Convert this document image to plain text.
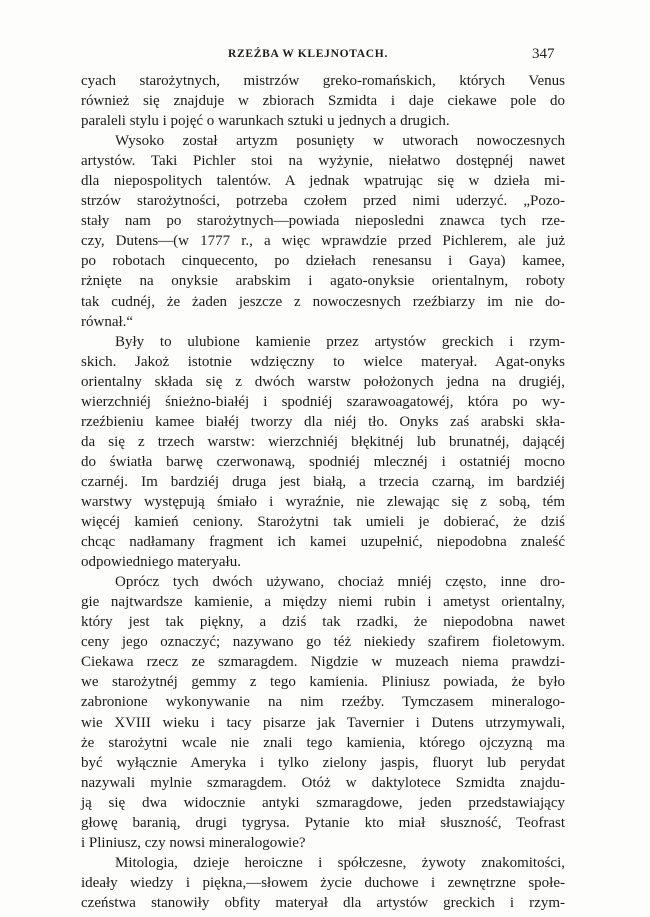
RZEŹBA W KLEJNOTACH.	347

cyach starożytnych, mistrzów greko-romańskich, których Venus
również się znajduje w zbiorach Szmidta i daje ciekawe pole do
paraleli stylu i pojęć o warunkach sztuki u jednych a drugich.

Wysoko został artyzm posunięty w utworach nowoczesnych
artystów. Taki Pichler stoi na wyżynie, niełatwo dostępnéj nawet
dla niepospolitych talentów. A jednak wpatrując się w dzieła mi-
strzów starożytności, potrzeba czołem przed nimi uderzyć. „Pozo-
stały nam po starożytnych—powiada nieposledni znawca tych rze-
czy, Dutens—(w 1777 r., a więc wprawdzie przed Pichlerem, ale już
po robotach cinquecento, po dziełach renesansu i Gaya) kamee,
rżnięte na onyksie arabskim i agato-onyksie orientalnym, roboty
tak cudnéj, że żaden jeszcze z nowoczesnych rzeźbiarzy im nie do-
równał.“

Były to ulubione kamienie przez artystów greckich i rzym-
skich. Jakoż istotnie wdzięczny to wielce materyał. Agat-onyks
orientalny składa się z dwóch warstw położonych jedna na drugiéj,
wierzchniéj śnieżno-białéj i spodniéj szarawoagatowéj, która po wy-
rzeźbieniu kamee białéj tworzy dla niéj tło. Onyks zaś arabski skła-
da się z trzech warstw: wierzchniéj błękitnéj lub brunatnéj, dającéj
do światła barwę czerwonawą, spodniéj mlecznéj i ostatniéj mocno
czarnéj. Im bardziéj druga jest białą, a trzecia czarną, im bardziéj
warstwy występują śmiało i wyraźnie, nie zlewając się z sobą, tém
więcéj kamień ceniony. Starożytni tak umieli je dobierać, że dziś
chcąc nadłamany fragment ich kamei uzupełnić, niepodobna znaleść
odpowiedniego materyału.

Oprócz tych dwóch używano, chociaż mniéj często, inne dro-
gie najtwardsze kamienie, a między niemi rubin i ametyst orientalny,
który jest tak piękny, a dziś tak rzadki, że niepodobna nawet
ceny jego oznaczyć; nazywano go téż niekiedy szafirem fioletowym.
Ciekawa rzecz ze szmaragdem. Nigdzie w muzeach niema prawdzi-
we starożytnéj gemmy z tego kamienia. Pliniusz powiada, że było
zabronione wykonywanie na nim rzeźby. Tymczasem mineralogo-
wie XVIII wieku i tacy pisarze jak Tavernier i Dutens utrzymywali,
że starożytni wcale nie znali tego kamienia, którego ojczyzną ma
być wyłącznie Ameryka i tylko zielony jaspis, fluoryt lub perydat
nazywali mylnie szmaragdem. Otóż w daktylotece Szmidta znajdu-
ją się dwa widocznie antyki szmaragdowe, jeden przedstawiający
głowę baranią, drugi tygrysa. Pytanie kto miał słuszność, Teofrast
i Pliniusz, czy nowsi mineralogowie?

Mitologia, dzieje heroiczne i spółczesne, żywoty znakomitości,
ideały wiedzy i piękna,—słowem życie duchowe i zewnętrzne społe-
czeństwa stanowiły obfity materyał dla artystów greckich i rzym-
